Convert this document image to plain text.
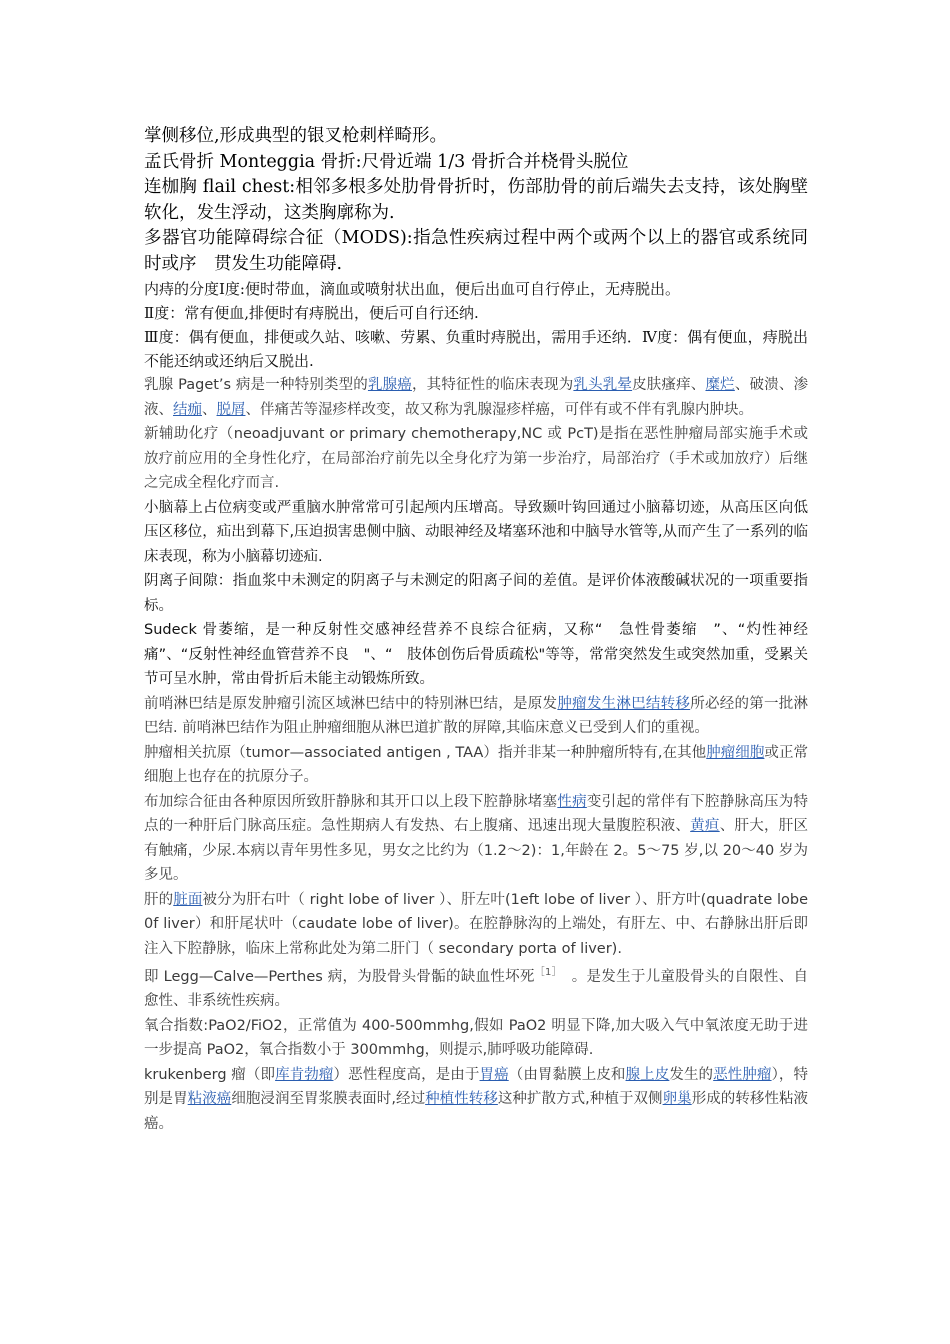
掌侧移位,形成典型的银叉枪刺样畸形。

孟氏骨折 Monteggia 骨折:尺骨近端 1/3 骨折合并桡骨头脱位

连枷胸 flail chest:相邻多根多处肋骨骨折时，伤部肋骨的前后端失去支持，该处胸壁软化，发生浮动，这类胸廓称为.

多器官功能障碍综合征（MODS):指急性疾病过程中两个或两个以上的器官或系统同时或序　贯发生功能障碍.

内痔的分度Ⅰ度:便时带血，滴血或喷射状出血，便后出血可自行停止，无痔脱出。

Ⅱ度：常有便血,排便时有痔脱出，便后可自行还纳.

Ⅲ度：偶有便血，排便或久站、咳嗽、劳累、负重时痔脱出，需用手还纳．Ⅳ度：偶有便血，痔脱出不能还纳或还纳后又脱出.

乳腺 Paget’s 病是一种特别类型的乳腺癌，其特征性的临床表现为乳头乳晕皮肤瘙痒、糜烂、破溃、渗液、结痂、脱屑、伴痛苦等湿疹样改变，故又称为乳腺湿疹样癌，可伴有或不伴有乳腺内肿块。

新辅助化疗（neoadjuvant or primary chemotherapy,NC 或 PcT)是指在恶性肿瘤局部实施手术或放疗前应用的全身性化疗，在局部治疗前先以全身化疗为第一步治疗，局部治疗（手术或加放疗）后继之完成全程化疗而言.

小脑幕上占位病变或严重脑水肿常常可引起颅内压增高。导致颞叶钩回通过小脑幕切迹，从高压区向低压区移位，疝出到幕下,压迫损害患侧中脑、动眼神经及堵塞环池和中脑导水管等,从而产生了一系列的临床表现，称为小脑幕切迹疝.

阴离子间隙：指血浆中未测定的阴离子与未测定的阳离子间的差值。是评价体液酸碱状况的一项重要指标。

Sudeck 骨萎缩，是一种反射性交感神经营养不良综合征病，又称“　急性骨萎缩　”、“灼性神经痛”、“反射性神经血管营养不良　"、“　肢体创伤后骨质疏松"等等，常常突然发生或突然加重，受累关节可呈水肿，常由骨折后未能主动锻炼所致。

前哨淋巴结是原发肿瘤引流区域淋巴结中的特别淋巴结，是原发肿瘤发生淋巴结转移所必经的第一批淋巴结. 前哨淋巴结作为阻止肿瘤细胞从淋巴道扩散的屏障,其临床意义已受到人们的重视。

肿瘤相关抗原（tumor—associated antigen , TAA）指并非某一种肿瘤所特有,在其他肿瘤细胞或正常细胞上也存在的抗原分子。

布加综合征由各种原因所致肝静脉和其开口以上段下腔静脉堵塞性病变引起的常伴有下腔静脉高压为特点的一种肝后门脉高压症。急性期病人有发热、右上腹痛、迅速出现大量腹腔积液、黄疸、肝大，肝区有触痛，少尿.本病以青年男性多见，男女之比约为（1.2～2)：1,年龄在 2。5～75 岁,以 20～40 岁为多见。

肝的脏面被分为肝右叶（ right lobe of liver ）、肝左叶(1eft lobe of liver ）、肝方叶(quadrate lobe 0f liver）和肝尾状叶（caudate lobe of liver)。在腔静脉沟的上端处，有肝左、中、右静脉出肝后即注入下腔静脉，临床上常称此处为第二肝门（ secondary porta of liver).

即 Legg—Calve—Perthes 病，为股骨头骨骺的缺血性坏死$^{[1]}$　。是发生于儿童股骨头的自限性、自愈性、非系统性疾病。

氧合指数:PaO2/FiO2，正常值为 400-500mmhg,假如 PaO2 明显下降,加大吸入气中氧浓度无助于进一步提高 PaO2，氧合指数小于 300mmhg，则提示,肺呼吸功能障碍.

krukenberg 瘤（即库肯勃瘤）恶性程度高，是由于胃癌（由胃黏膜上皮和腺上皮发生的恶性肿瘤），特别是胃粘液癌细胞浸润至胃浆膜表面时,经过种植性转移这种扩散方式,种植于双侧卵巢形成的转移性粘液癌。
